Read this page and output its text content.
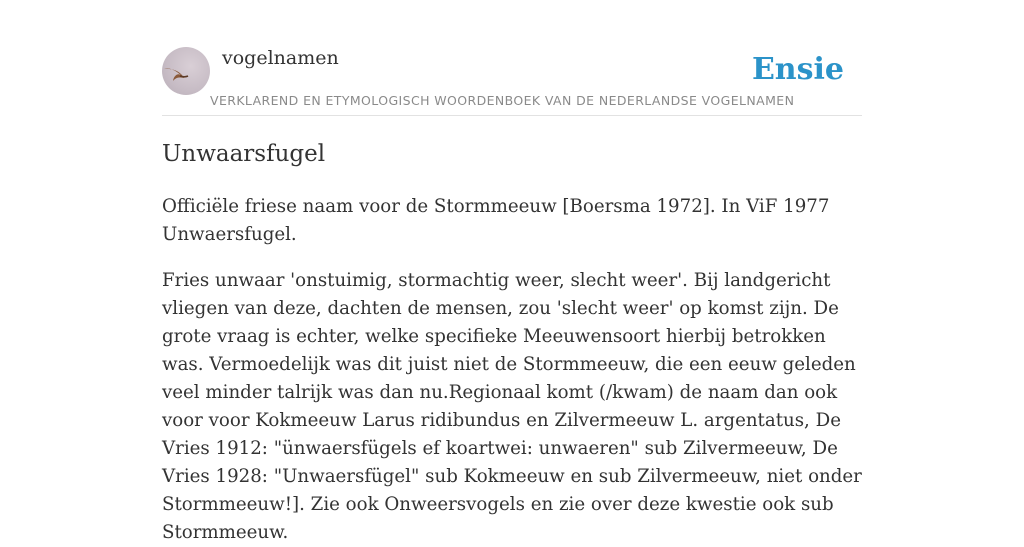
vogelnamen
VERKLAREND EN ETYMOLOGISCH WOORDENBOEK VAN DE NEDERLANDSE VOGELNAMEN
Ensie
Unwaarsfugel

Officiële friese naam voor de Stormmeeuw [Boersma 1972]. In ViF 1977 Unwaersfugel.

Fries unwaar 'onstuimig, stormachtig weer, slecht weer'. Bij landgericht vliegen van deze, dachten de mensen, zou 'slecht weer' op komst zijn. De grote vraag is echter, welke specifieke Meeuwensoort hierbij betrokken was. Vermoedelijk was dit juist niet de Stormmeeuw, die een eeuw geleden veel minder talrijk was dan nu.Regionaal komt (/kwam) de naam dan ook voor voor Kokmeeuw Larus ridibundus en Zilvermeeuw L. argentatus, De Vries 1912: "ünwaersfügels ef koartwei: unwaeren" sub Zilvermeeuw, De Vries 1928: "Unwaersfügel" sub Kokmeeuw en sub Zilvermeeuw, niet onder Stormmeeuw!]. Zie ook Onweersvogels en zie over deze kwestie ook sub Stormmeeuw.
